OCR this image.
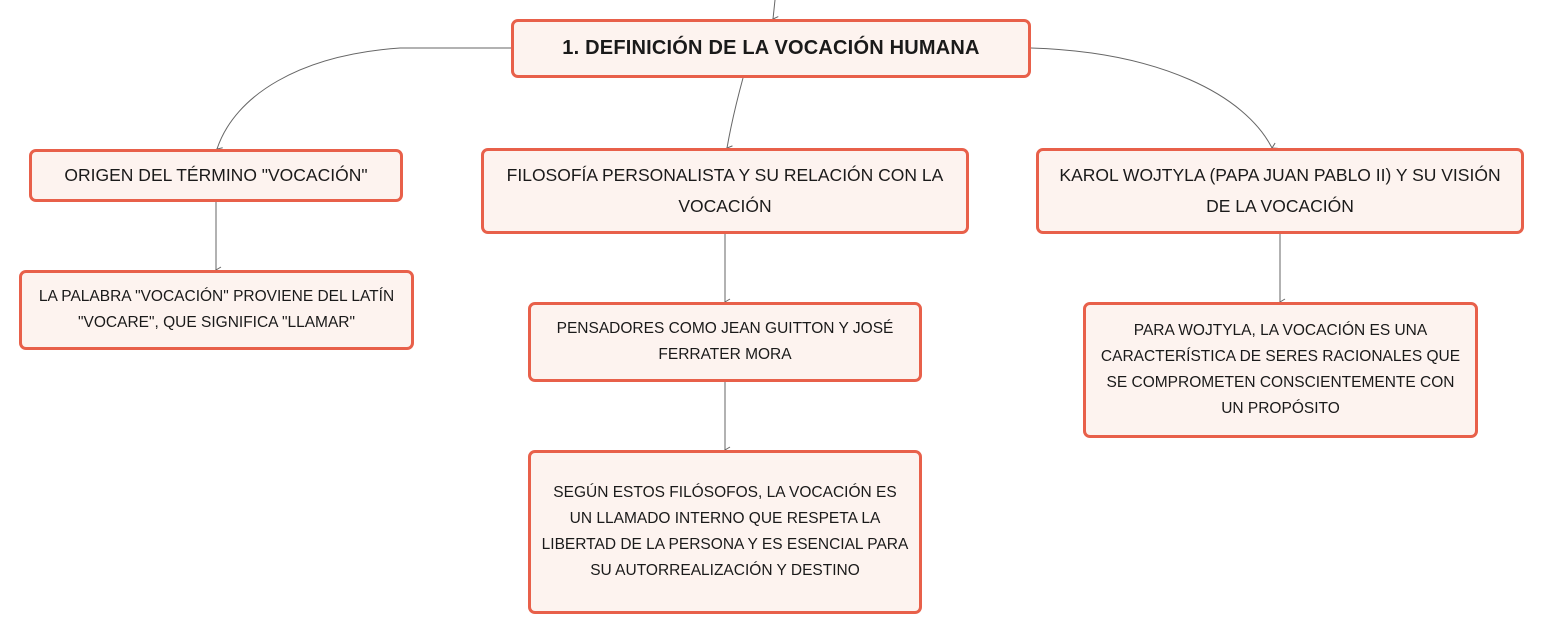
1. DEFINICIÓN DE LA VOCACIÓN HUMANA
ORIGEN DEL TÉRMINO "VOCACIÓN"	FILOSOFÍA PERSONALISTA Y SU RELACIÓN CON LA VOCACIÓN
KAROL WOJTYLA (PAPA JUAN PABLO II) Y SU VISIÓN DE LA VOCACIÓN
LA PALABRA "VOCACIÓN" PROVIENE DEL LATÍN "VOCARE", QUE SIGNIFICA "LLAMAR"	PENSADORES COMO JEAN GUITTON Y JOSÉ FERRATER MORA
SEGÚN ESTOS FILÓSOFOS, LA VOCACIÓN ES UN LLAMADO INTERNO QUE RESPETA LA LIBERTAD DE LA PERSONA Y ES ESENCIAL PARA SU AUTORREALIZACIÓN Y DESTINO
PARA WOJTYLA, LA VOCACIÓN ES UNA CARACTERÍSTICA DE SERES RACIONALES QUE SE COMPROMETEN CONSCIENTEMENTE CON UN PROPÓSITO
